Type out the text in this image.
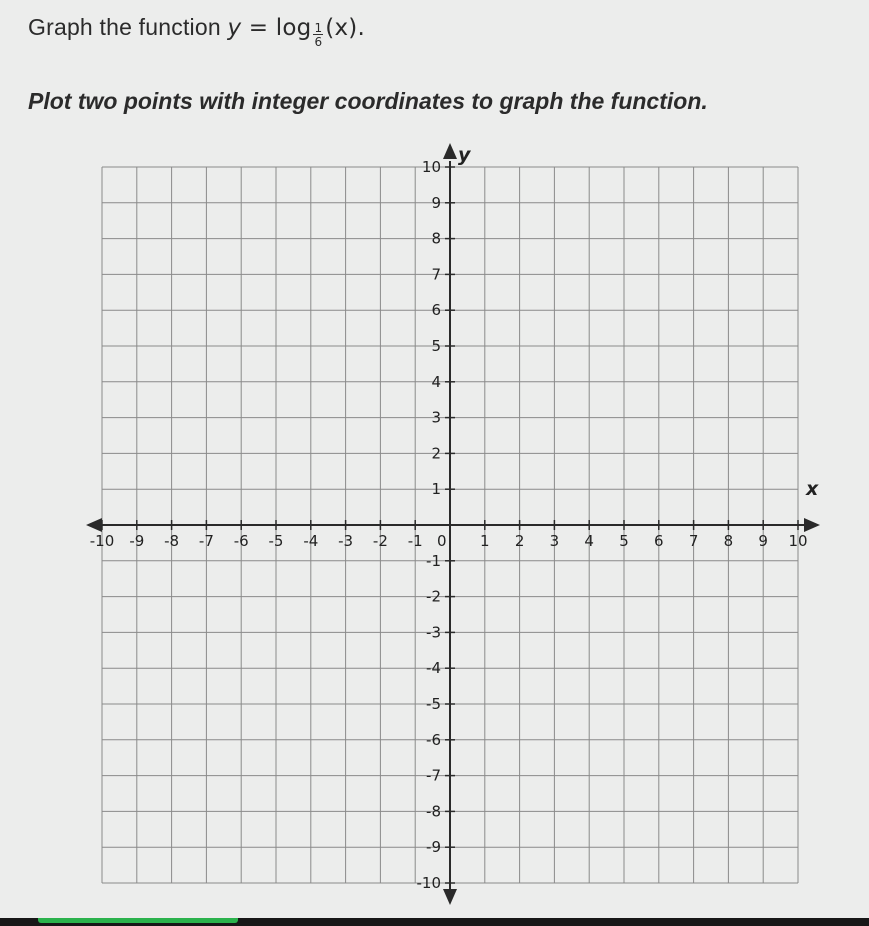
Graph the function $y = \log \frac{1}{6} (x)$.
Plot two points with integer coordinates to graph the function.
-10 -9 -8 -7 -6 -5 -4 -3 -2 -1	1 2 3 4 5 6 7 8 9 10
10
9
8
7
6
5
4
3
2
1
-1
-2
-3
-4
-5
-6
-7
-8
-9
-10
x
y
0
